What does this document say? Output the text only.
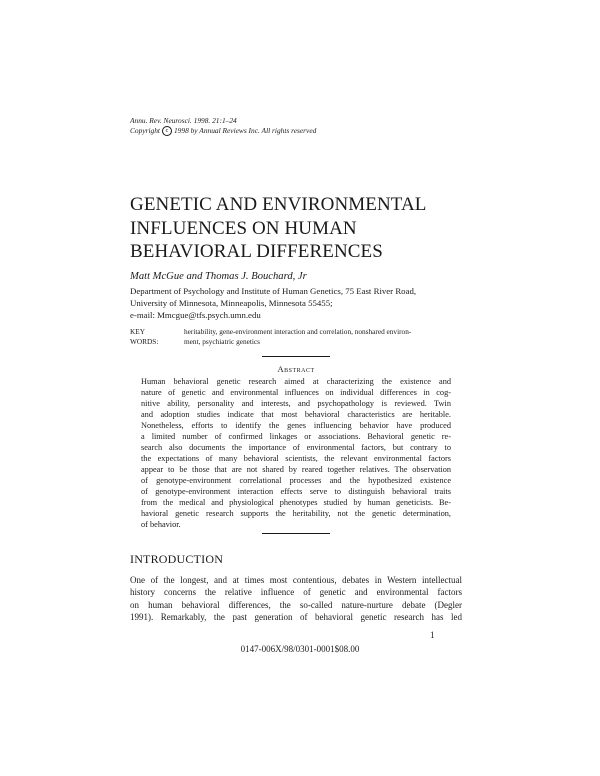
Annu. Rev. Neurosci. 1998. 21:1–24
Copyright c 1998 by Annual Reviews Inc. All rights reserved
GENETIC AND ENVIRONMENTAL
INFLUENCES ON HUMAN
BEHAVIORAL DIFFERENCES
Matt McGue and Thomas J. Bouchard, Jr
Department of Psychology and Institute of Human Genetics, 75 East River Road,
University of Minnesota, Minneapolis, Minnesota 55455;
e-mail: Mmcgue@tfs.psych.umn.edu
KEY WORDS:
heritability, gene-environment interaction and correlation, nonshared environ-
ment, psychiatric genetics
Abstract
Human behavioral genetic research aimed at characterizing the existence and
nature of genetic and environmental influences on individual differences in cog-
nitive ability, personality and interests, and psychopathology is reviewed. Twin
and adoption studies indicate that most behavioral characteristics are heritable.
Nonetheless, efforts to identify the genes influencing behavior have produced
a limited number of confirmed linkages or associations. Behavioral genetic re-
search also documents the importance of environmental factors, but contrary to
the expectations of many behavioral scientists, the relevant environmental factors
appear to be those that are not shared by reared together relatives. The observation
of genotype-environment correlational processes and the hypothesized existence
of genotype-environment interaction effects serve to distinguish behavioral traits
from the medical and physiological phenotypes studied by human geneticists. Be-
havioral genetic research supports the heritability, not the genetic determination,
of behavior.
INTRODUCTION
One of the longest, and at times most contentious, debates in Western intellectual
history concerns the relative influence of genetic and environmental factors
on human behavioral differences, the so-called nature-nurture debate (Degler
1991). Remarkably, the past generation of behavioral genetic research has led
1
0147-006X/98/0301-0001$08.00
